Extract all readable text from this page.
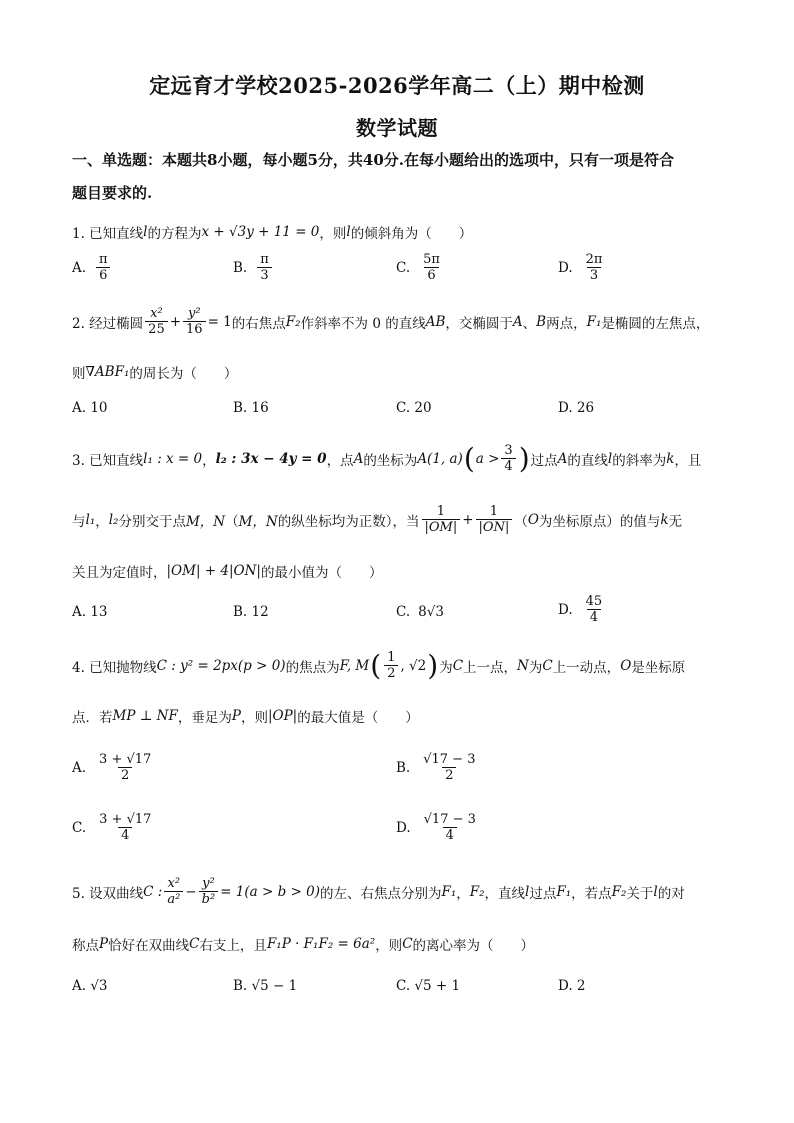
定远育才学校2025-2026学年高二（上）期中检测
数学试题
一、单选题：本题共8小题，每小题5分，共40分.在每小题给出的选项中，只有一项是符合
题目要求的.
1. 已知直线 l 的方程为 x + √3y + 11 = 0 ，则 l 的倾斜角为（　　）
A. $\frac{\pi}{6}$	B. $\frac{\pi}{3}$	C. $\frac{5\pi}{6}$	D. $\frac{2\pi}{3}$
2. 经过椭圆 $\frac{\text{x²}}{25} + \frac{\text{y²}}{16} = 1$ 的右焦点 F₂ 作斜率不为 0 的直线 AB ，交椭圆于 A 、 B 两点， F₁ 是椭圆的左焦点，
则 ∇ABF₁ 的周长为（　　）
A. 10	B. 16	C. 20	D. 26
3. 已知直线 l₁ : x = 0 ， l₂ : 3x − 4y = 0 ，点 A 的坐标为 A(1, a) ( $a > \frac{3}{4}$ ) 过点 A 的直线 l 的斜率为 k ，且
与 l₁ ， l₂ 分别交于点 M，N （ M，N 的纵坐标均为正数），当 $\frac{1}{|OM|} + \frac{1}{|ON|}$ （ O 为坐标原点）的值与 k 无
关且为定值时， |OM| + 4|ON| 的最小值为（　　）
A. 13	B. 12	C. 8√3	D. $\frac{45}{4}$
4. 已知抛物线 C : y² = 2px(p > 0) 的焦点为 F, M ( $\frac{1}{2}$ , √2 ) 为 C 上一点， N 为 C 上一动点， O 是坐标原
点．若 MP ⊥ NF ，垂足为 P ，则 |OP| 的最大值是（　　）
A. $\frac{3 + √17}{2}$	B. $\frac{√17 - 3}{2}$
C. $\frac{3 + √17}{4}$	D. $\frac{√17 - 3}{4}$
5. 设双曲线 C : $\frac{\text{x²}}{\text{a²}} - \frac{\text{y²}}{\text{b²}} = 1(a > b > 0)$ 的左、右焦点分别为 F₁ ， F₂ ，直线 l 过点 F₁ ，若点 F₂ 关于 l 的对
称点 P 恰好在双曲线 C 右支上，且 F₁P · F₁F₂ = 6a² ，则 C 的离心率为（　　）
A. √3	B. √5 − 1	C. √5 + 1	D. 2
